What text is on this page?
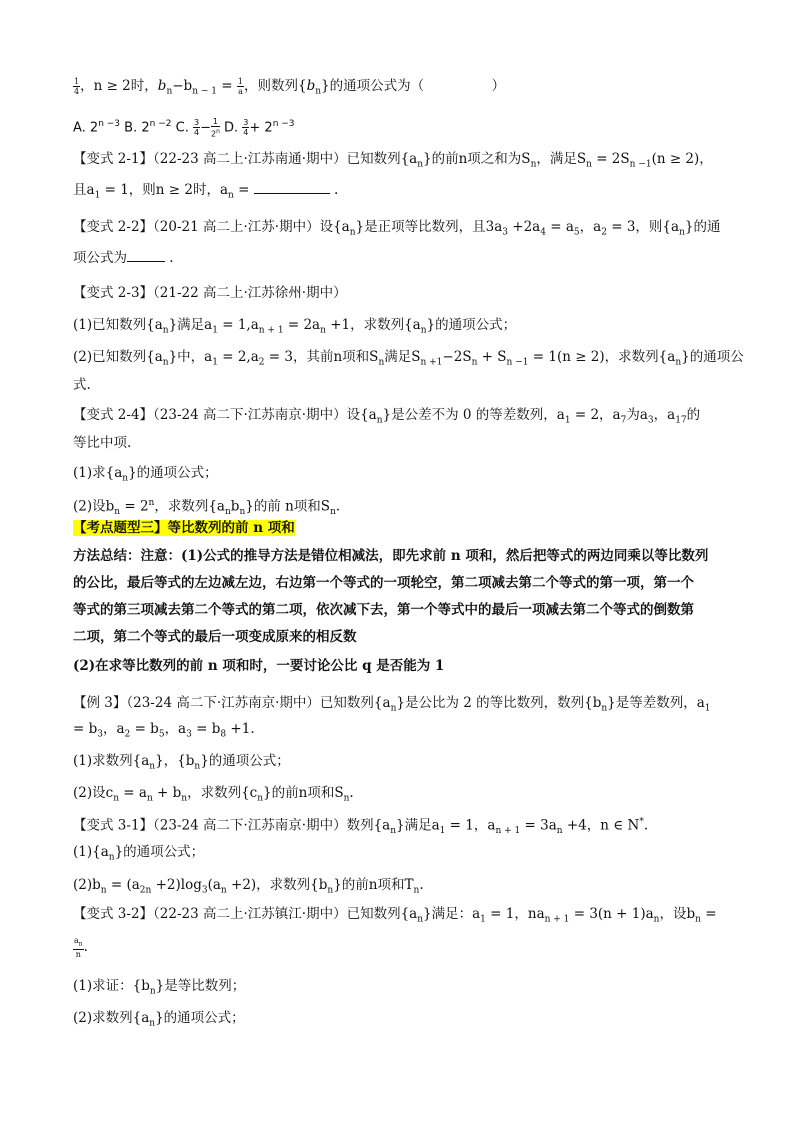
$\frac{1}{4}$ ，n ≥ 2时，$b_n-b_{n - 1} = \frac{1}{a}$ ，则数列$\{b_n\}$的通项公式为（　　　　　）
A. $2^{n -3}$ B. $2^{n -2}$ C. $\frac{3}{4} - \frac{1}{2^n} D$. $\frac{3}{4} + 2^{n -3}$
【变式 2-1】（22-23 高二上·江苏南通·期中）已知数列$\{a_n\}$的前n项之和为$S_n$，满足$S_n = 2S_{n -1}(n \ge 2)$，
且$a_1 = 1$，则n ≥ 2时，$a_n$ =	.
【变式 2-2】（20-21 高二上·江苏·期中）设$\{a_n\}$是正项等比数列，且$3a_3 +2a_4 = a_5$，$a_2 = 3$，则$\{a_n\}$的通
项公式为	.
【变式 2-3】（21-22 高二上·江苏徐州·期中）
(1)已知数列$\{a_n\}$满足$a_1 = 1,a_{n + 1} = 2a_n +1$，求数列$\{a_n\}$的通项公式；
(2)已知数列$\{a_n\}$中，$a_1 = 2,a_2 = 3$，其前n项和$S_n$满足$S_{n +1}-2S_n + S_{n -1} = 1(n \ge 2)$，求数列$\{a_n\}$的通项公
式.
【变式 2-4】（23-24 高二下·江苏南京·期中）设$\{a_n\}$是公差不为 0 的等差数列，$a_1 = 2$，$a_7$为$a_3$，$a_{17}$的
等比中项.
(1)求$\{a_n\}$的通项公式；
(2)设$b_n = 2^n$，求数列$\{a_nb_n\}$的前 n项和$S_n$.
【考点题型三】等比数列的前 n 项和
方法总结：注意：(1)公式的推导方法是错位相减法，即先求前 n 项和，然后把等式的两边同乘以等比数列
的公比，最后等式的左边减左边，右边第一个等式的一项轮空，第二项减去第二个等式的第一项，第一个
等式的第三项减去第二个等式的第二项，依次减下去，第一个等式中的最后一项减去第二个等式的倒数第
二项，第二个等式的最后一项变成原来的相反数
(2)在求等比数列的前 n 项和时，一要讨论公比 q 是否能为 1
【例 3】（23-24 高二下·江苏南京·期中）已知数列$\{a_n\}$是公比为 2 的等比数列，数列$\{b_n\}$是等差数列，$a_1$
= $b_3$，$a_2 = b_5$，$a_3 = b_8 +1$.
(1)求数列$\{a_n\}$，$\{b_n\}$的通项公式；
(2)设$c_n = a_n + b_n$，求数列$\{c_n\}$的前n项和$S_n$.
【变式 3-1】（23-24 高二下·江苏南京·期中）数列$\{a_n\}$满足$a_1 = 1$，$a_{n + 1} = 3a_n +4$，n ∈ N*.
$(1)\{a_n\}$的通项公式；
$(2)b_n = (a_{2n} +2)\log_3(a_n +2)$，求数列$\{b_n\}$的前n项和$T_n$.
【变式 3-2】（22-23 高二上·江苏镇江·期中）已知数列$\{a_n\}$满足：$a_1 = 1$，$na_{n + 1} = 3(n + 1)a_n$，设$b_n$ =
$\frac{a_n}{n}$ .
(1)求证：$\{b_n\}$是等比数列；
(2)求数列$\{a_n\}$的通项公式；
